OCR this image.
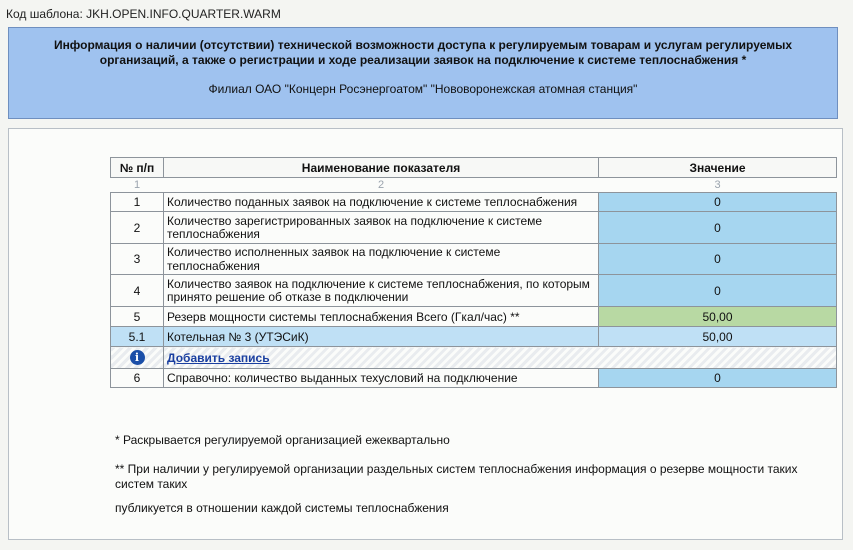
Код шаблона: JKH.OPEN.INFO.QUARTER.WARM
Информация о наличии (отсутствии) технической возможности доступа к регулируемым товарам и услугам регулируемых организаций, а также о регистрации и ходе реализации заявок на подключение к системе теплоснабжения *
Филиал ОАО "Концерн Росэнергоатом" "Нововоронежская атомная станция"
№ п/п	Наименование показателя	Значение
1	2	3
1	Количество поданных заявок на подключение к системе теплоснабжения	0
2	Количество зарегистрированных заявок на подключение к системе теплоснабжения	0
3	Количество исполненных заявок на подключение к системе теплоснабжения	0
4	Количество заявок на подключение к системе теплоснабжения, по которым принято решение об отказе в подключении	0
5	Резерв мощности системы теплоснабжения Всего (Гкал/час) **	50,00
5.1	Котельная № 3 (УТЭСиК)	50,00
i	Добавить запись	
6	Справочно: количество выданных техусловий на подключение	0
* Раскрывается регулируемой организацией ежеквартально
** При наличии у регулируемой организации раздельных систем теплоснабжения информация о резерве мощности таких систем таких
публикуется в отношении каждой системы теплоснабжения
